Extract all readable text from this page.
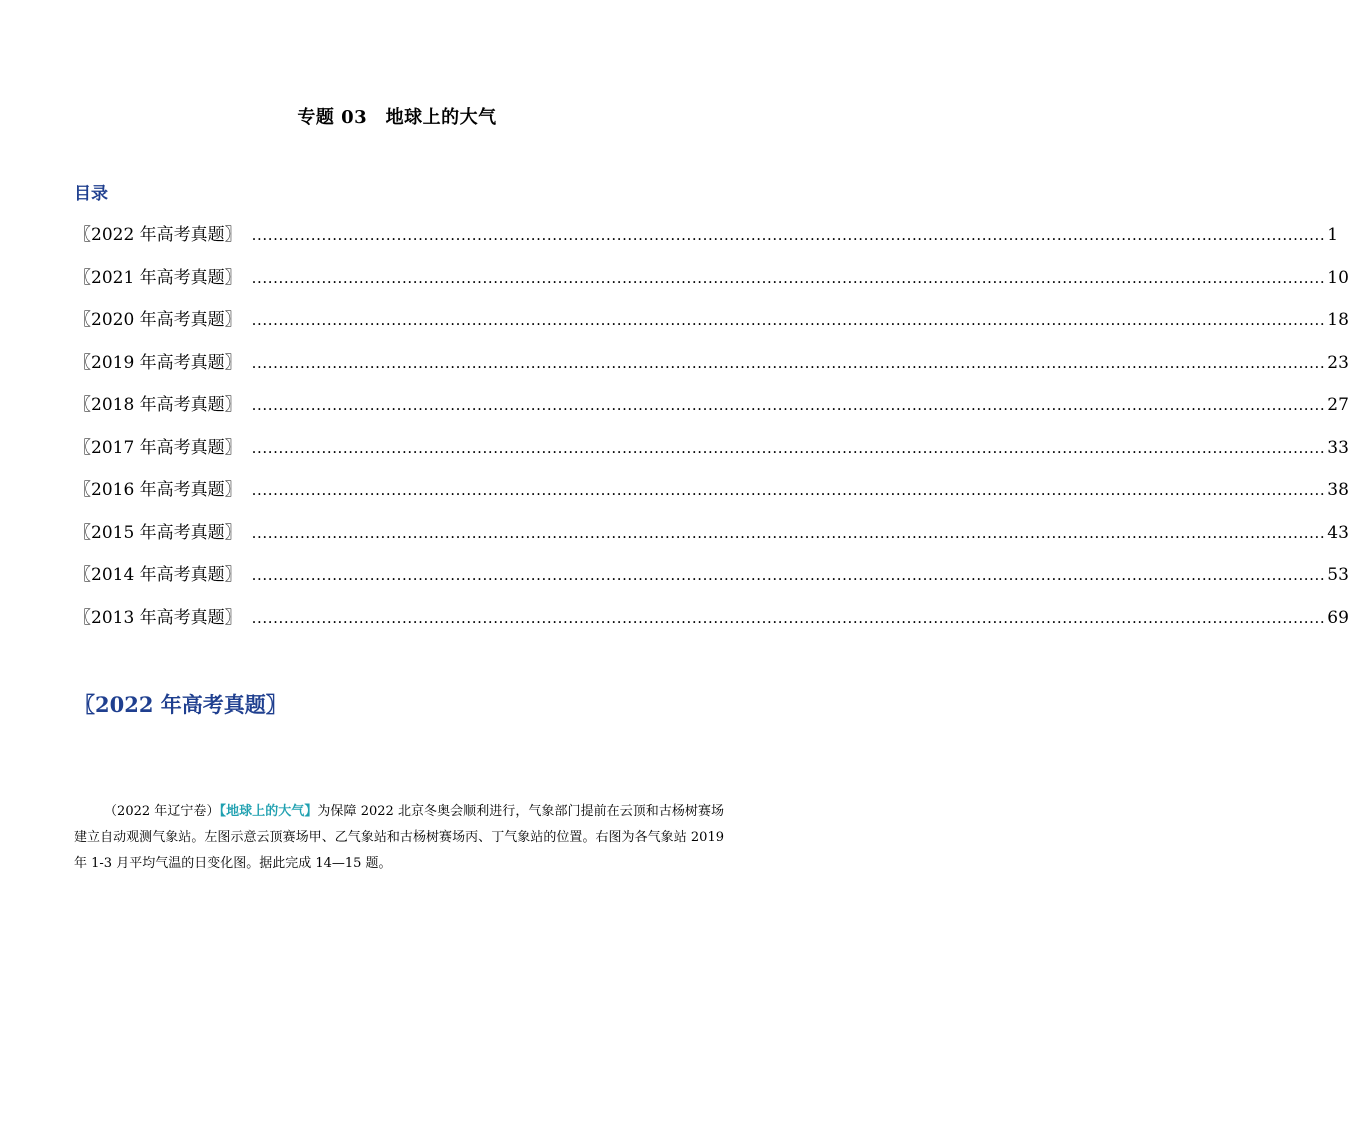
专题 03　地球上的大气
目录
〖2022 年高考真题〗 ........................................................................................................................................................................................................ 1
〖2021 年高考真题〗 ........................................................................................................................................................................................................ 10
〖2020 年高考真题〗 ........................................................................................................................................................................................................ 18
〖2019 年高考真题〗 ........................................................................................................................................................................................................ 23
〖2018 年高考真题〗 ........................................................................................................................................................................................................ 27
〖2017 年高考真题〗 ........................................................................................................................................................................................................ 33
〖2016 年高考真题〗 ........................................................................................................................................................................................................ 38
〖2015 年高考真题〗 ........................................................................................................................................................................................................ 43
〖2014 年高考真题〗 ........................................................................................................................................................................................................ 53
〖2013 年高考真题〗 ........................................................................................................................................................................................................ 69
〖2022 年高考真题〗

（2022 年辽宁卷）【地球上的大气】为保障 2022 北京冬奥会顺利进行，气象部门提前在云顶和古杨树赛场建立自动观测气象站。左图示意云顶赛场甲、乙气象站和古杨树赛场丙、丁气象站的位置。右图为各气象站 2019 年 1-3 月平均气温的日变化图。据此完成 14—15 题。
